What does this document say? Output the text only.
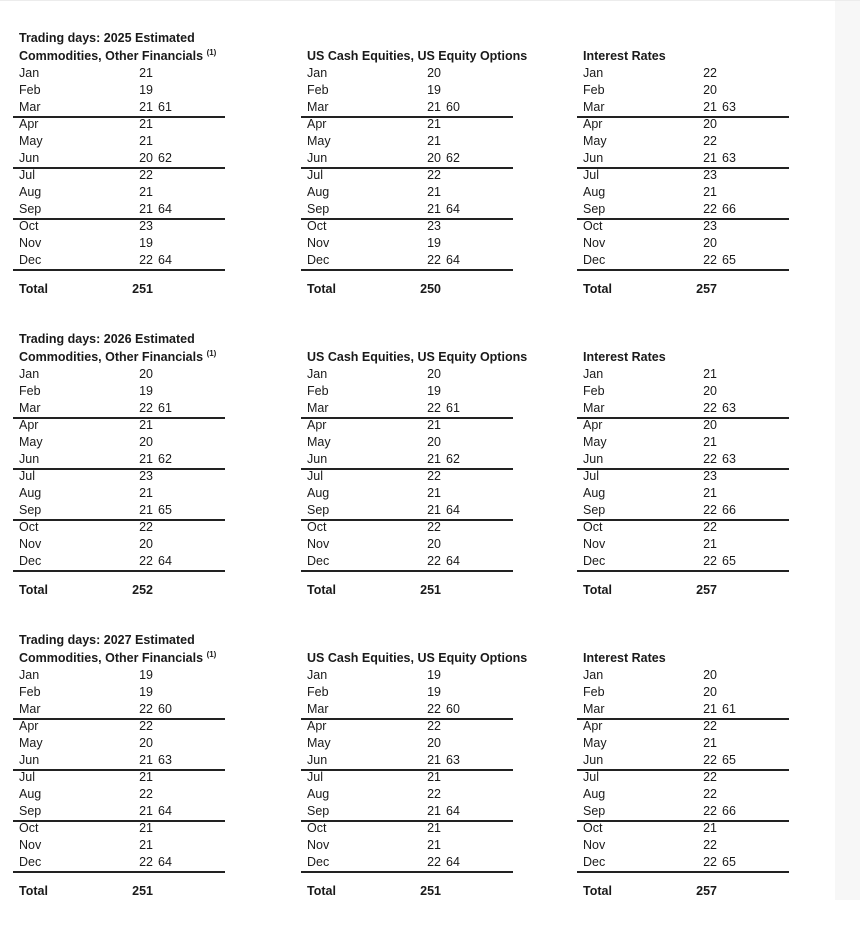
Trading days: 2025 Estimated
Commodities, Other Financials $^{(1)}$
Jan	21
Feb	19
Mar	21 61
Apr	21
May	21
Jun	20 62
Jul	22
Aug	21
Sep	21 64
Oct	23
Nov	19
Dec	22 64
Total	251
US Cash Equities, US Equity Options
Jan	20
Feb	19
Mar	21 60
Apr	21
May	21
Jun	20 62
Jul	22
Aug	21
Sep	21 64
Oct	23
Nov	19
Dec	22 64
Total	250
Interest Rates
Jan	22
Feb	20
Mar	21 63
Apr	20
May	22
Jun	21 63
Jul	23
Aug	21
Sep	22 66
Oct	23
Nov	20
Dec	22 65
Total	257
Trading days: 2026 Estimated
Commodities, Other Financials $^{(1)}$
Jan	20
Feb	19
Mar	22 61
Apr	21
May	20
Jun	21 62
Jul	23
Aug	21
Sep	21 65
Oct	22
Nov	20
Dec	22 64
Total	252
US Cash Equities, US Equity Options
Jan	20
Feb	19
Mar	22 61
Apr	21
May	20
Jun	21 62
Jul	22
Aug	21
Sep	21 64
Oct	22
Nov	20
Dec	22 64
Total	251
Interest Rates
Jan	21
Feb	20
Mar	22 63
Apr	20
May	21
Jun	22 63
Jul	23
Aug	21
Sep	22 66
Oct	22
Nov	21
Dec	22 65
Total	257
Trading days: 2027 Estimated
Commodities, Other Financials $^{(1)}$
Jan	19
Feb	19
Mar	22 60
Apr	22
May	20
Jun	21 63
Jul	21
Aug	22
Sep	21 64
Oct	21
Nov	21
Dec	22 64
Total	251
US Cash Equities, US Equity Options
Jan	19
Feb	19
Mar	22 60
Apr	22
May	20
Jun	21 63
Jul	21
Aug	22
Sep	21 64
Oct	21
Nov	21
Dec	22 64
Total	251
Interest Rates
Jan	20
Feb	20
Mar	21 61
Apr	22
May	21
Jun	22 65
Jul	22
Aug	22
Sep	22 66
Oct	21
Nov	22
Dec	22 65
Total	257
